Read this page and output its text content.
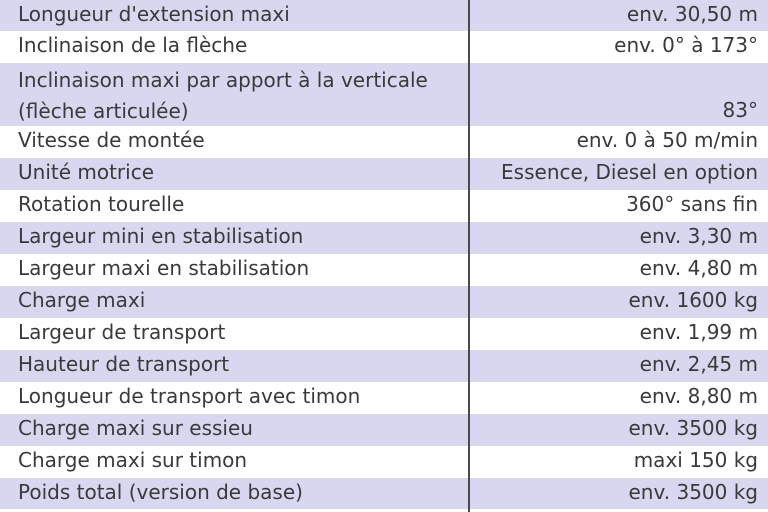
Longueur d'extension maxi	env. 30,50 m
Inclinaison de la flèche	env. 0° à 173°
Inclinaison maxi par apport à la verticale (flèche articulée)	83°
Vitesse de montée	env. 0 à 50 m/min
Unité motrice	Essence, Diesel en option
Rotation tourelle	360° sans fin
Largeur mini en stabilisation	env. 3,30 m
Largeur maxi en stabilisation	env. 4,80 m
Charge maxi	env. 1600 kg
Largeur de transport	env. 1,99 m
Hauteur de transport	env. 2,45 m
Longueur de transport avec timon	env. 8,80 m
Charge maxi sur essieu	env. 3500 kg
Charge maxi sur timon	maxi 150 kg
Poids total (version de base)	env. 3500 kg
